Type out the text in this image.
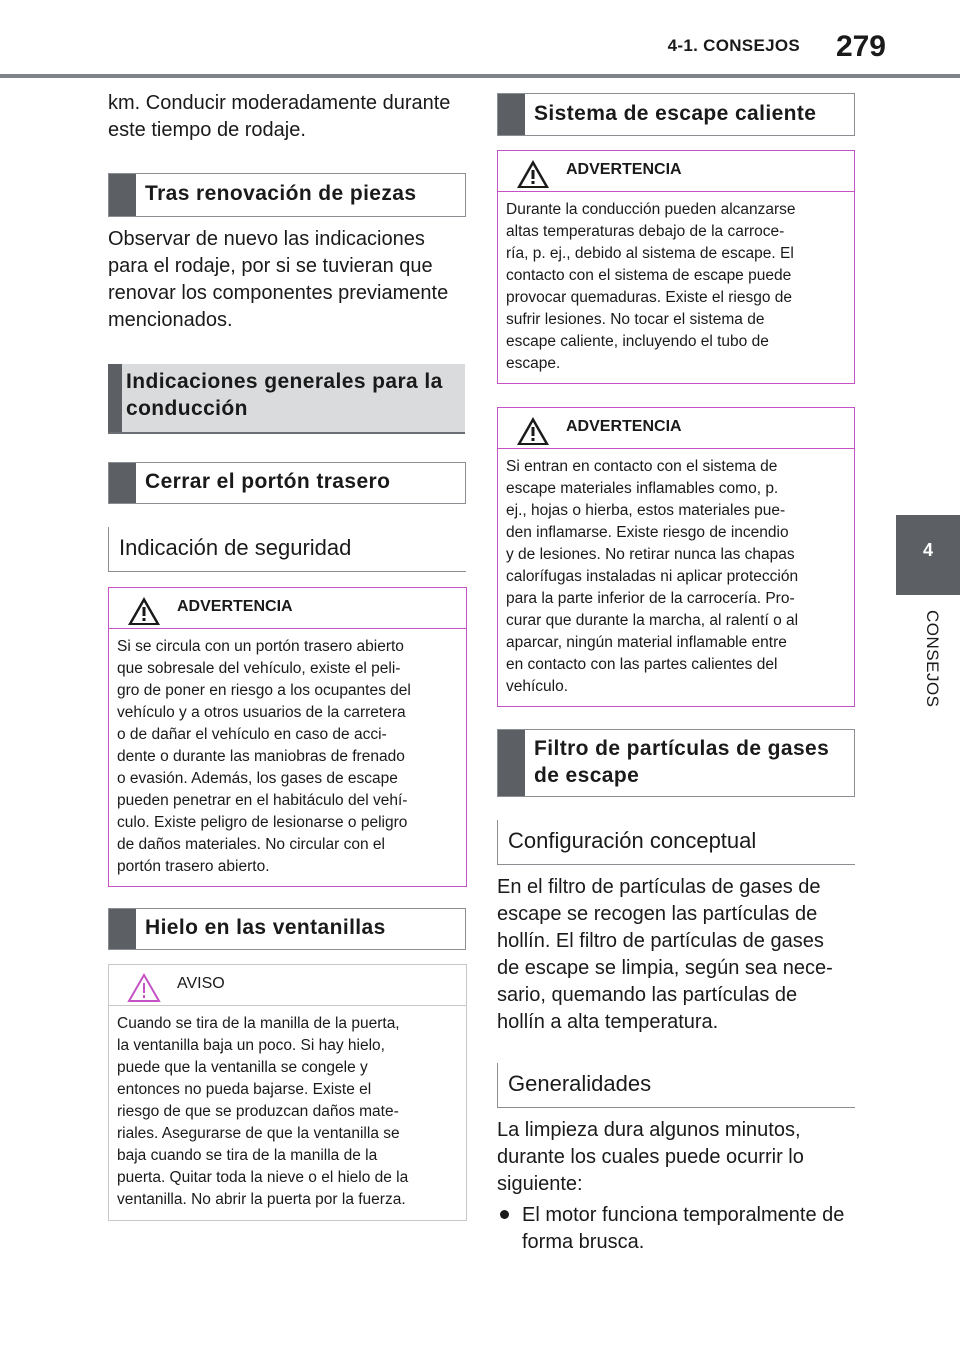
4-1. CONSEJOS	279
4
CONSEJOS
km. Conducir moderadamente durante
este tiempo de rodaje.
Tras renovación de piezas
Observar de nuevo las indicaciones
para el rodaje, por si se tuvieran que
renovar los componentes previamente
mencionados.
Indicaciones generales para la
conducción
Cerrar el portón trasero
Indicación de seguridad
ADVERTENCIA
Si se circula con un portón trasero abierto
que sobresale del vehículo, existe el peli-
gro de poner en riesgo a los ocupantes del
vehículo y a otros usuarios de la carretera
o de dañar el vehículo en caso de acci-
dente o durante las maniobras de frenado
o evasión. Además, los gases de escape
pueden penetrar en el habitáculo del vehí-
culo. Existe peligro de lesionarse o peligro
de daños materiales. No circular con el
portón trasero abierto.
Hielo en las ventanillas
AVISO
Cuando se tira de la manilla de la puerta,
la ventanilla baja un poco. Si hay hielo,
puede que la ventanilla se congele y
entonces no pueda bajarse. Existe el
riesgo de que se produzcan daños mate-
riales. Asegurarse de que la ventanilla se
baja cuando se tira de la manilla de la
puerta. Quitar toda la nieve o el hielo de la
ventanilla. No abrir la puerta por la fuerza.
Sistema de escape caliente
ADVERTENCIA
Durante la conducción pueden alcanzarse
altas temperaturas debajo de la carroce-
ría, p. ej., debido al sistema de escape. El
contacto con el sistema de escape puede
provocar quemaduras. Existe el riesgo de
sufrir lesiones. No tocar el sistema de
escape caliente, incluyendo el tubo de
escape.
ADVERTENCIA
Si entran en contacto con el sistema de
escape materiales inflamables como, p.
ej., hojas o hierba, estos materiales pue-
den inflamarse. Existe riesgo de incendio
y de lesiones. No retirar nunca las chapas
calorífugas instaladas ni aplicar protección
para la parte inferior de la carrocería. Pro-
curar que durante la marcha, al ralentí o al
aparcar, ningún material inflamable entre
en contacto con las partes calientes del
vehículo.
Filtro de partículas de gases
de escape
Configuración conceptual
En el filtro de partículas de gases de
escape se recogen las partículas de
hollín. El filtro de partículas de gases
de escape se limpia, según sea nece-
sario, quemando las partículas de
hollín a alta temperatura.
Generalidades
La limpieza dura algunos minutos,
durante los cuales puede ocurrir lo
siguiente:
El motor funciona temporalmente de
forma brusca.
